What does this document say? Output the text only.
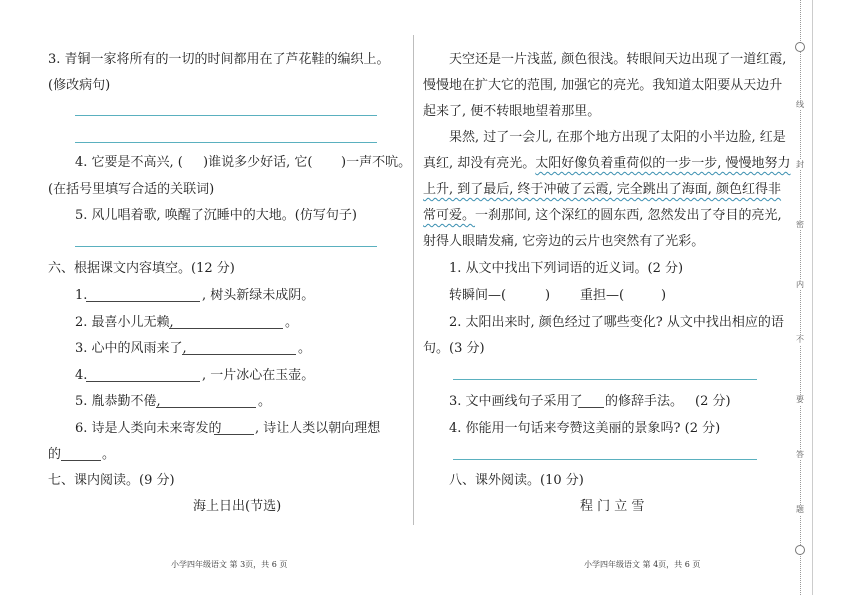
3. 青铜一家将所有的一切的时间都用在了芦花鞋的编织上。
(修改病句)
4. 它要是不高兴, ( )谁说多少好话, 它( )一声不吭。
(在括号里填写合适的关联词)
5. 风儿唱着歌, 唤醒了沉睡中的大地。(仿写句子)
六、根据课文内容填空。(12 分)
1.	, 树头新绿未成阴。
2. 最喜小儿无赖,	。
3. 心中的风雨来了,	。
4.	, 一片冰心在玉壶。
5. 胤恭勤不倦,	。
6. 诗是人类向未来寄发的	, 诗让人类以朝向理想
的	。
七、课内阅读。(9 分)
海上日出(节选)
小学四年级语文 第 3页，共 6 页
天空还是一片浅蓝, 颜色很浅。转眼间天边出现了一道红霞,
慢慢地在扩大它的范围, 加强它的亮光。我知道太阳要从天边升
起来了, 便不转眼地望着那里。
果然, 过了一会儿, 在那个地方出现了太阳的小半边脸, 红是
真红, 却没有亮光。太阳好像负着重荷似的一步一步, 慢慢地努力
上升, 到了最后, 终于冲破了云霞, 完全跳出了海面, 颜色红得非
常可爱。一刹那间, 这个深红的圆东西, 忽然发出了夺目的亮光,
射得人眼睛发痛, 它旁边的云片也突然有了光彩。
1. 从文中找出下列词语的近义词。(2 分)
转瞬间—(	) 重担—(	)
2. 太阳出来时, 颜色经过了哪些变化? 从文中找出相应的语
句。(3 分)
3. 文中画线句子采用了 的修辞手法。 (2 分)
4. 你能用一句话来夸赞这美丽的景象吗? (2 分)
八、课外阅读。(10 分)
程 门 立 雪
小学四年级语文 第 4页，共 6 页
线
封
密
内
不
要
答
题
